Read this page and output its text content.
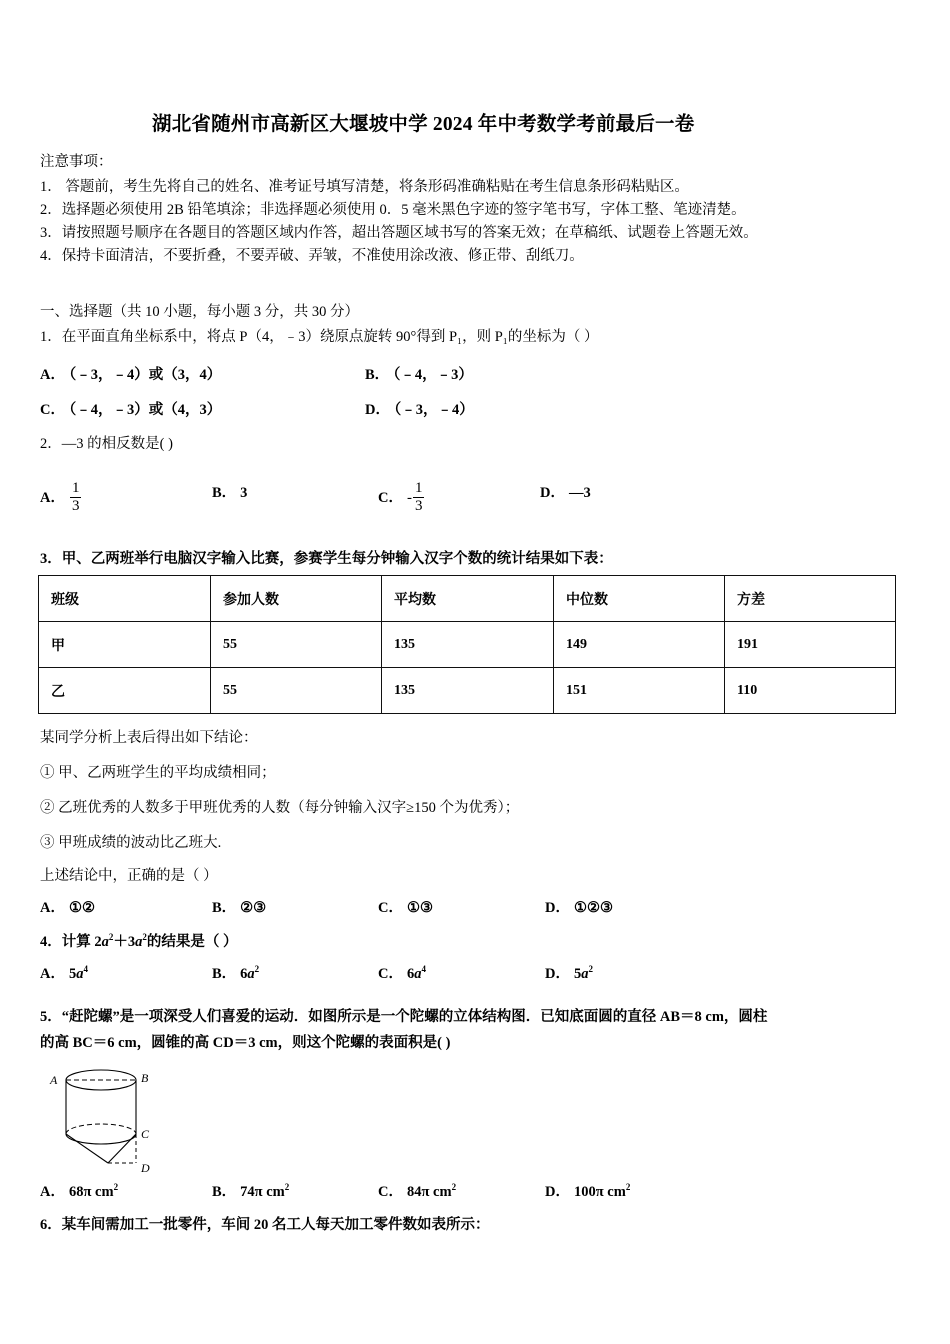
湖北省随州市高新区大堰坡中学 2024 年中考数学考前最后一卷
注意事项：
1． 答题前，考生先将自己的姓名、准考证号填写清楚，将条形码准确粘贴在考生信息条形码粘贴区。
2．选择题必须使用 2B 铅笔填涂；非选择题必须使用 0．5 毫米黑色字迹的签字笔书写，字体工整、笔迹清楚。
3．请按照题号顺序在各题目的答题区域内作答，超出答题区域书写的答案无效；在草稿纸、试题卷上答题无效。
4．保持卡面清洁，不要折叠，不要弄破、弄皱，不准使用涂改液、修正带、刮纸刀。
一、选择题（共 10 小题，每小题 3 分，共 30 分）
1．在平面直角坐标系中，将点 P（4，﹣3）绕原点旋转 90°得到 P₁，则 P₁的坐标为（ ）
A． （﹣3，﹣4）或（3，4）	B． （﹣4，﹣3）
C． （﹣4，﹣3）或（4，3）	D． （﹣3，﹣4）
2．—3 的相反数是( )
A． $\frac{1}{3}$	B． 3	C． - $\frac{1}{3}$	D． —3
3．甲、乙两班举行电脑汉字输入比赛，参赛学生每分钟输入汉字个数的统计结果如下表：
班级	参加人数	平均数	中位数	方差
甲	55	135	149	191
乙	55	135	151	110
某同学分析上表后得出如下结论：
① 甲、乙两班学生的平均成绩相同；
② 乙班优秀的人数多于甲班优秀的人数（每分钟输入汉字≥150 个为优秀）；
③ 甲班成绩的波动比乙班大.
上述结论中，正确的是（ ）
A． ①②	B． ②③	C． ①③	D． ①②③
4．计算 $2a^2+3a^2$的结果是（ ）
A． $5a^4$	B． $6a^2$	C． $6a^4$	D． $5a^2$
5．“赶陀螺”是一项深受人们喜爱的运动．如图所示是一个陀螺的立体结构图．已知底面圆的直径 AB＝8 cm，圆柱
的高 BC＝6 cm，圆锥的高 CD＝3 cm，则这个陀螺的表面积是( )
A	B
C
D
A． 68π $cm^2$	B． 74π $cm^2$	C． 84π $cm^2$	D． 100π $cm^2$
6．某车间需加工一批零件，车间 20 名工人每天加工零件数如表所示：
